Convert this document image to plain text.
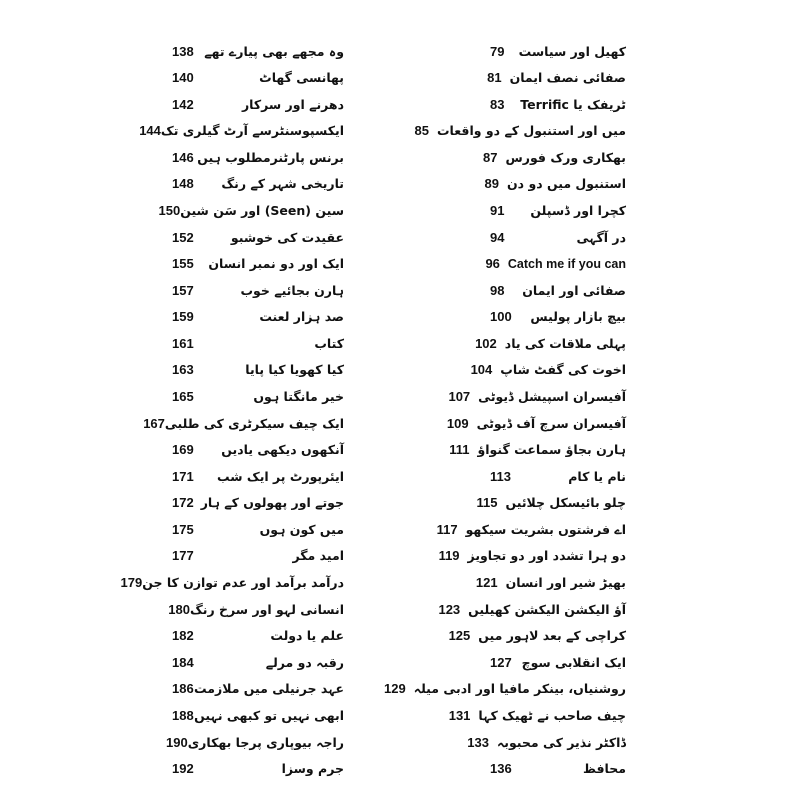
وہ مجھے بھی پیارے تھے
138
پھانسی گھاٹ
140
دھرنے اور سرکار
142
ایکسپوسنٹرسے آرٹ گیلری تک
144
برنس پارٹنرمطلوب ہیں
146
تاریخی شہر کے رنگ
148
سین (Seen) اور سَن شین
150
عقیدت کی خوشبو
152
ایک اور دو نمبر انسان
155
ہارن بجائیے خوب
157
صد ہزار لعنت
159
کتاب
161
کیا کھویا کیا پایا
163
خیر مانگتا ہوں
165
ایک چیف سیکرٹری کی طلبی
167
آنکھوں دیکھی یادیں
169
ایئرپورٹ پر ایک شب
171
جوتے اور پھولوں کے ہار
172
میں کون ہوں
175
امید مگر
177
درآمد برآمد اور عدم توازن کا جن
179
انسانی لہو اور سرخ رنگ
180
علم یا دولت
182
رقبہ دو مرلے
184
عہد جرنیلی میں ملازمت
186
ابھی نہیں تو کبھی نہیں
188
راجہ بیوپاری پرجا بھکاری
190
جرم وسزا
192
کھیل اور سیاست
79
صفائی نصف ایمان
81
ٹریفک یا Terrific
83
میں اور استنبول کے دو واقعات
85
بھکاری ورک فورس
87
استنبول میں دو دن
89
کچرا اور ڈسپلن
91
در آگہی
94
Catch me if you can
96
صفائی اور ایمان
98
بیچ بازار پولیس
100
پہلی ملاقات کی یاد
102
اخوت کی گفٹ شاپ
104
آفیسران اسپیشل ڈیوٹی
107
آفیسران سرچ آف ڈیوٹی
109
ہارن بجاؤ سماعت گنواؤ
111
نام یا کام
113
چلو بائیسکل چلائیں
115
اے فرشتوں بشریت سیکھو
117
دو ہرا تشدد اور دو تجاویز
119
بھیڑ شیر اور انسان
121
آؤ الیکشن الیکشن کھیلیں
123
کراچی کے بعد لاہور میں
125
ایک انقلابی سوچ
127
روشنیاں، بینکر مافیا اور ادبی میلہ
129
چیف صاحب نے ٹھیک کہا
131
ڈاکٹر نذیر کی محبوبہ
133
محافظ
136
